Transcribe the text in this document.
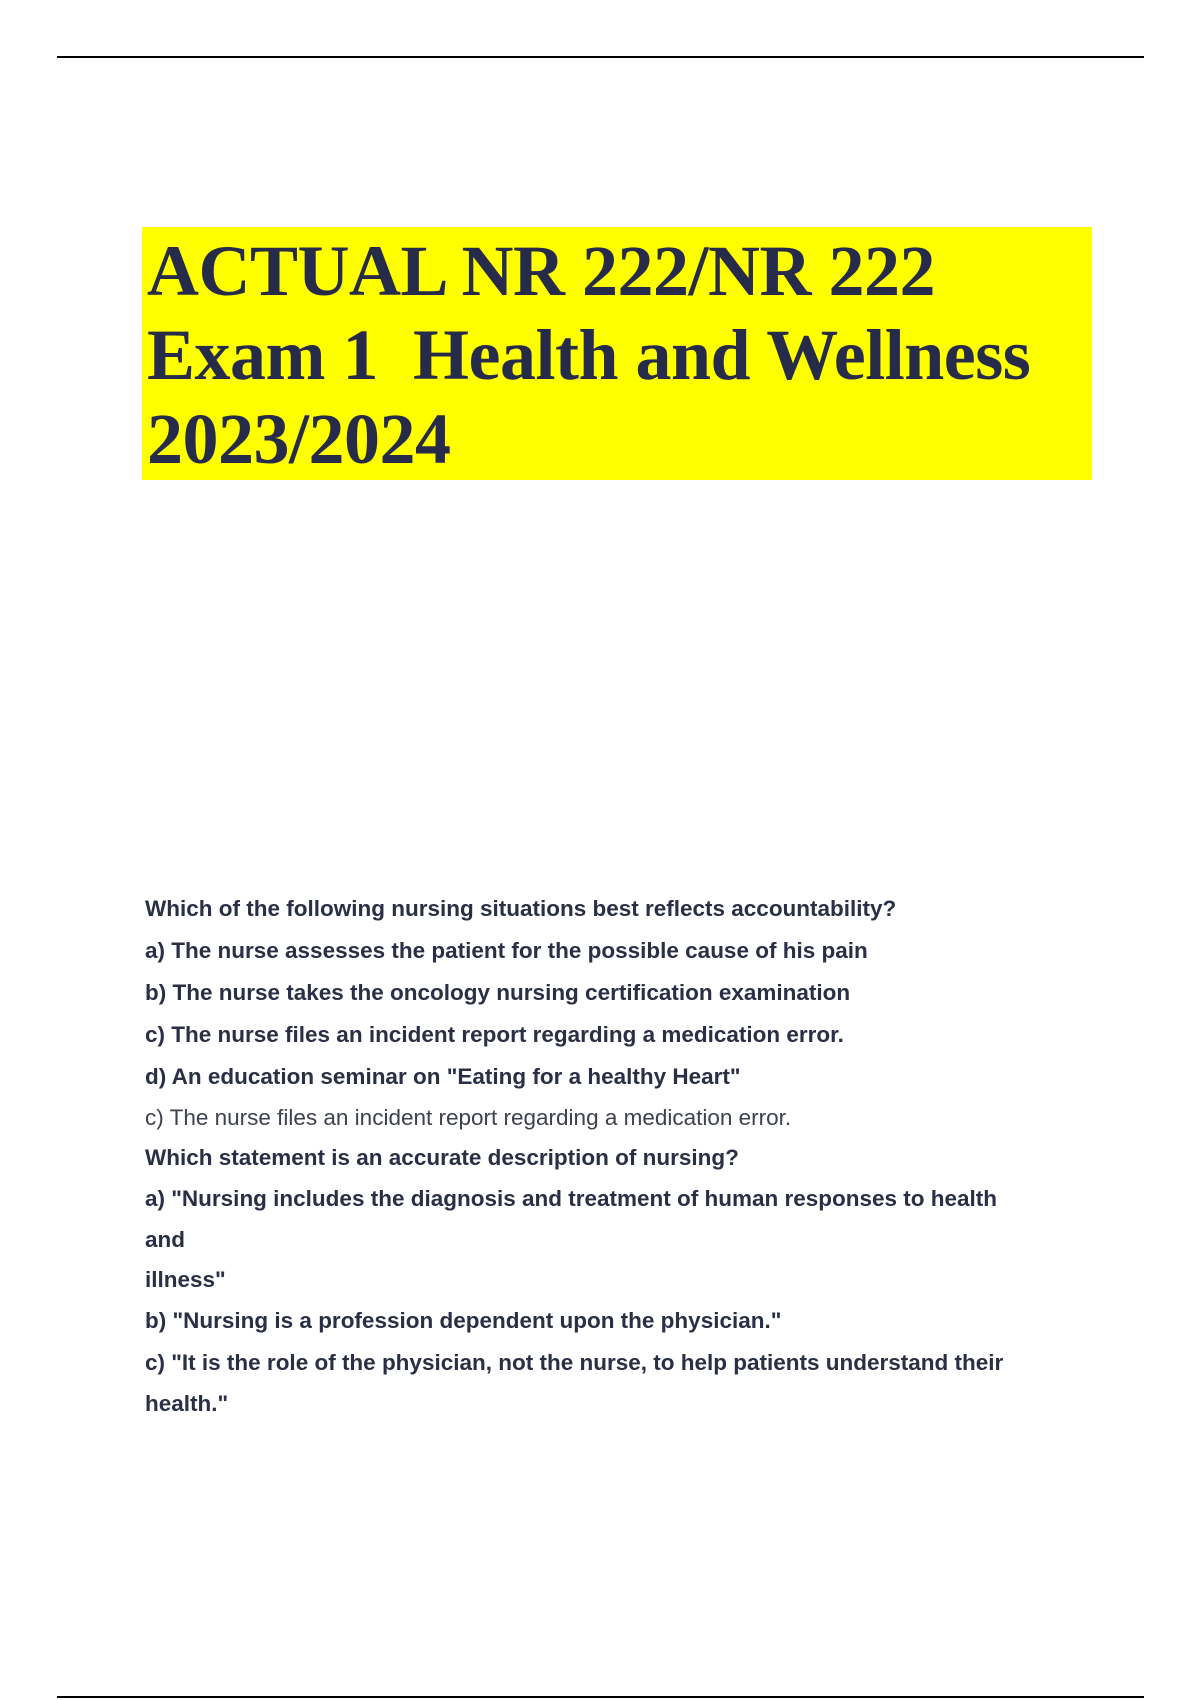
ACTUAL NR 222/NR 222
Exam 1  Health and Wellness
2023/2024

Which of the following nursing situations best reflects accountability?

a) The nurse assesses the patient for the possible cause of his pain

b) The nurse takes the oncology nursing certification examination

c) The nurse files an incident report regarding a medication error.

d) An education seminar on "Eating for a healthy Heart"

c) The nurse files an incident report regarding a medication error.

Which statement is an accurate description of nursing?

a) "Nursing includes the diagnosis and treatment of human responses to health

and

illness"

b) "Nursing is a profession dependent upon the physician."

c) "It is the role of the physician, not the nurse, to help patients understand their

health."
